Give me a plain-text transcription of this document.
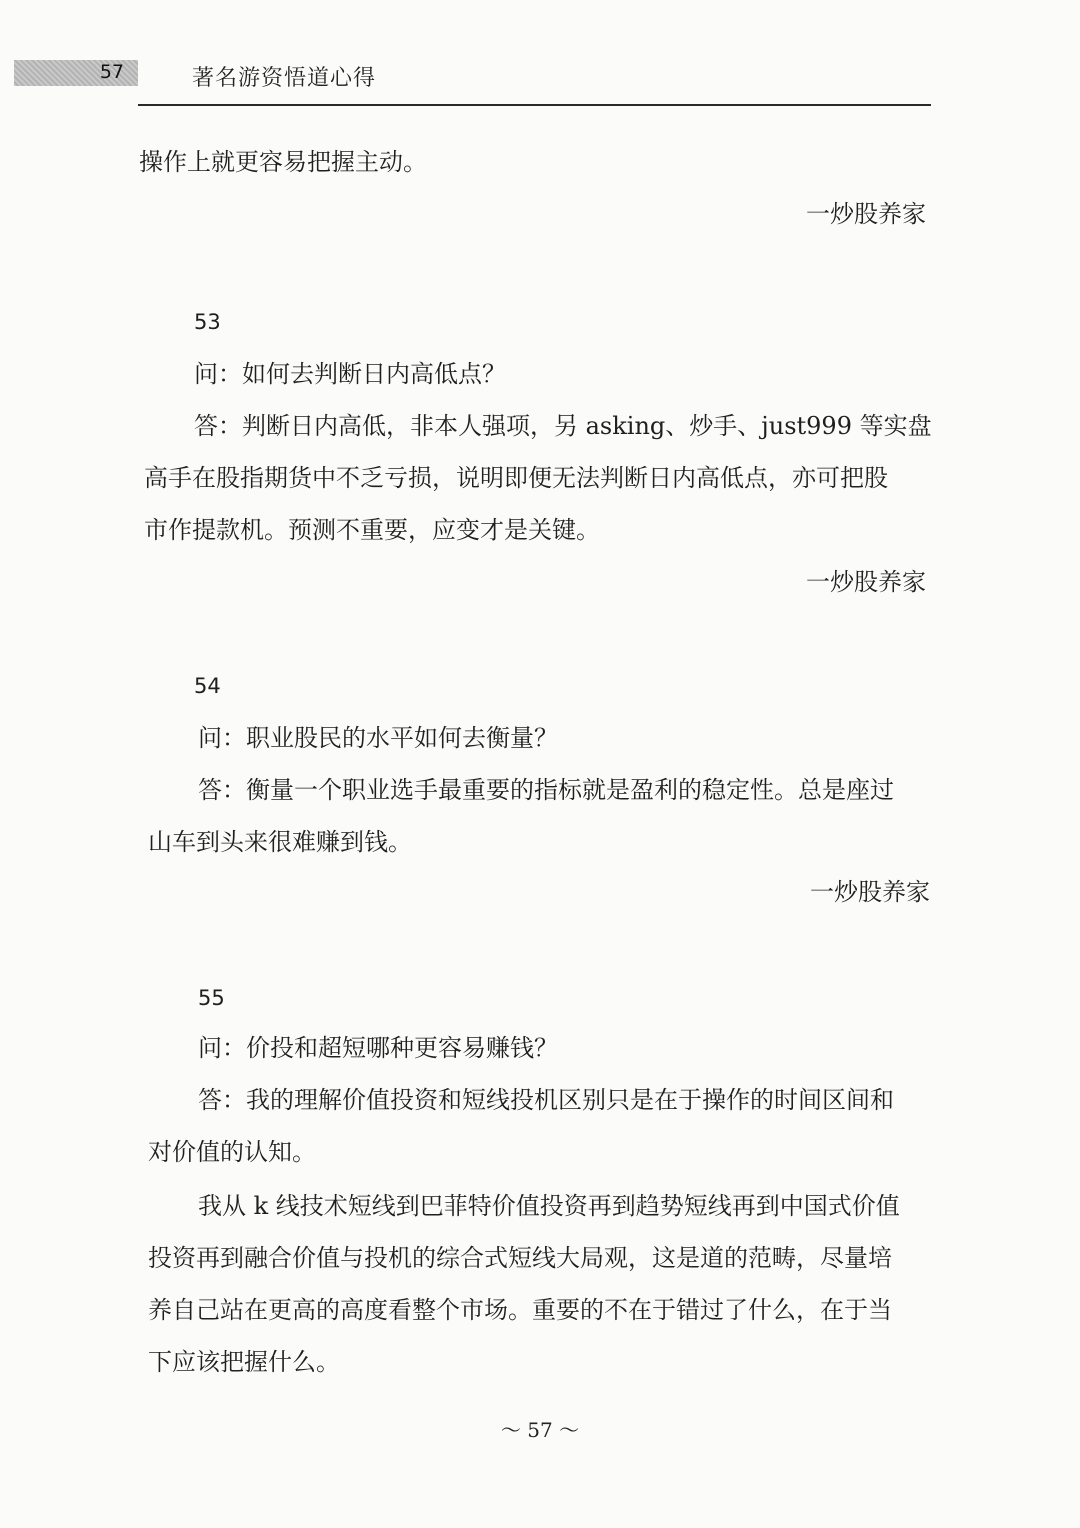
57	著名游资悟道心得
操作上就更容易把握主动。
一炒股养家
53
问：如何去判断日内高低点？
答：判断日内高低，非本人强项，另 asking、炒手、just999 等实盘
高手在股指期货中不乏亏损，说明即便无法判断日内高低点，亦可把股
市作提款机。预测不重要，应变才是关键。
一炒股养家
54
问：职业股民的水平如何去衡量？
答：衡量一个职业选手最重要的指标就是盈利的稳定性。总是座过
山车到头来很难赚到钱。
一炒股养家
55
问：价投和超短哪种更容易赚钱？
答：我的理解价值投资和短线投机区别只是在于操作的时间区间和
对价值的认知。
我从 k 线技术短线到巴菲特价值投资再到趋势短线再到中国式价值
投资再到融合价值与投机的综合式短线大局观，这是道的范畴，尽量培
养自己站在更高的高度看整个市场。重要的不在于错过了什么，在于当
下应该把握什么。
～ 57 ～
